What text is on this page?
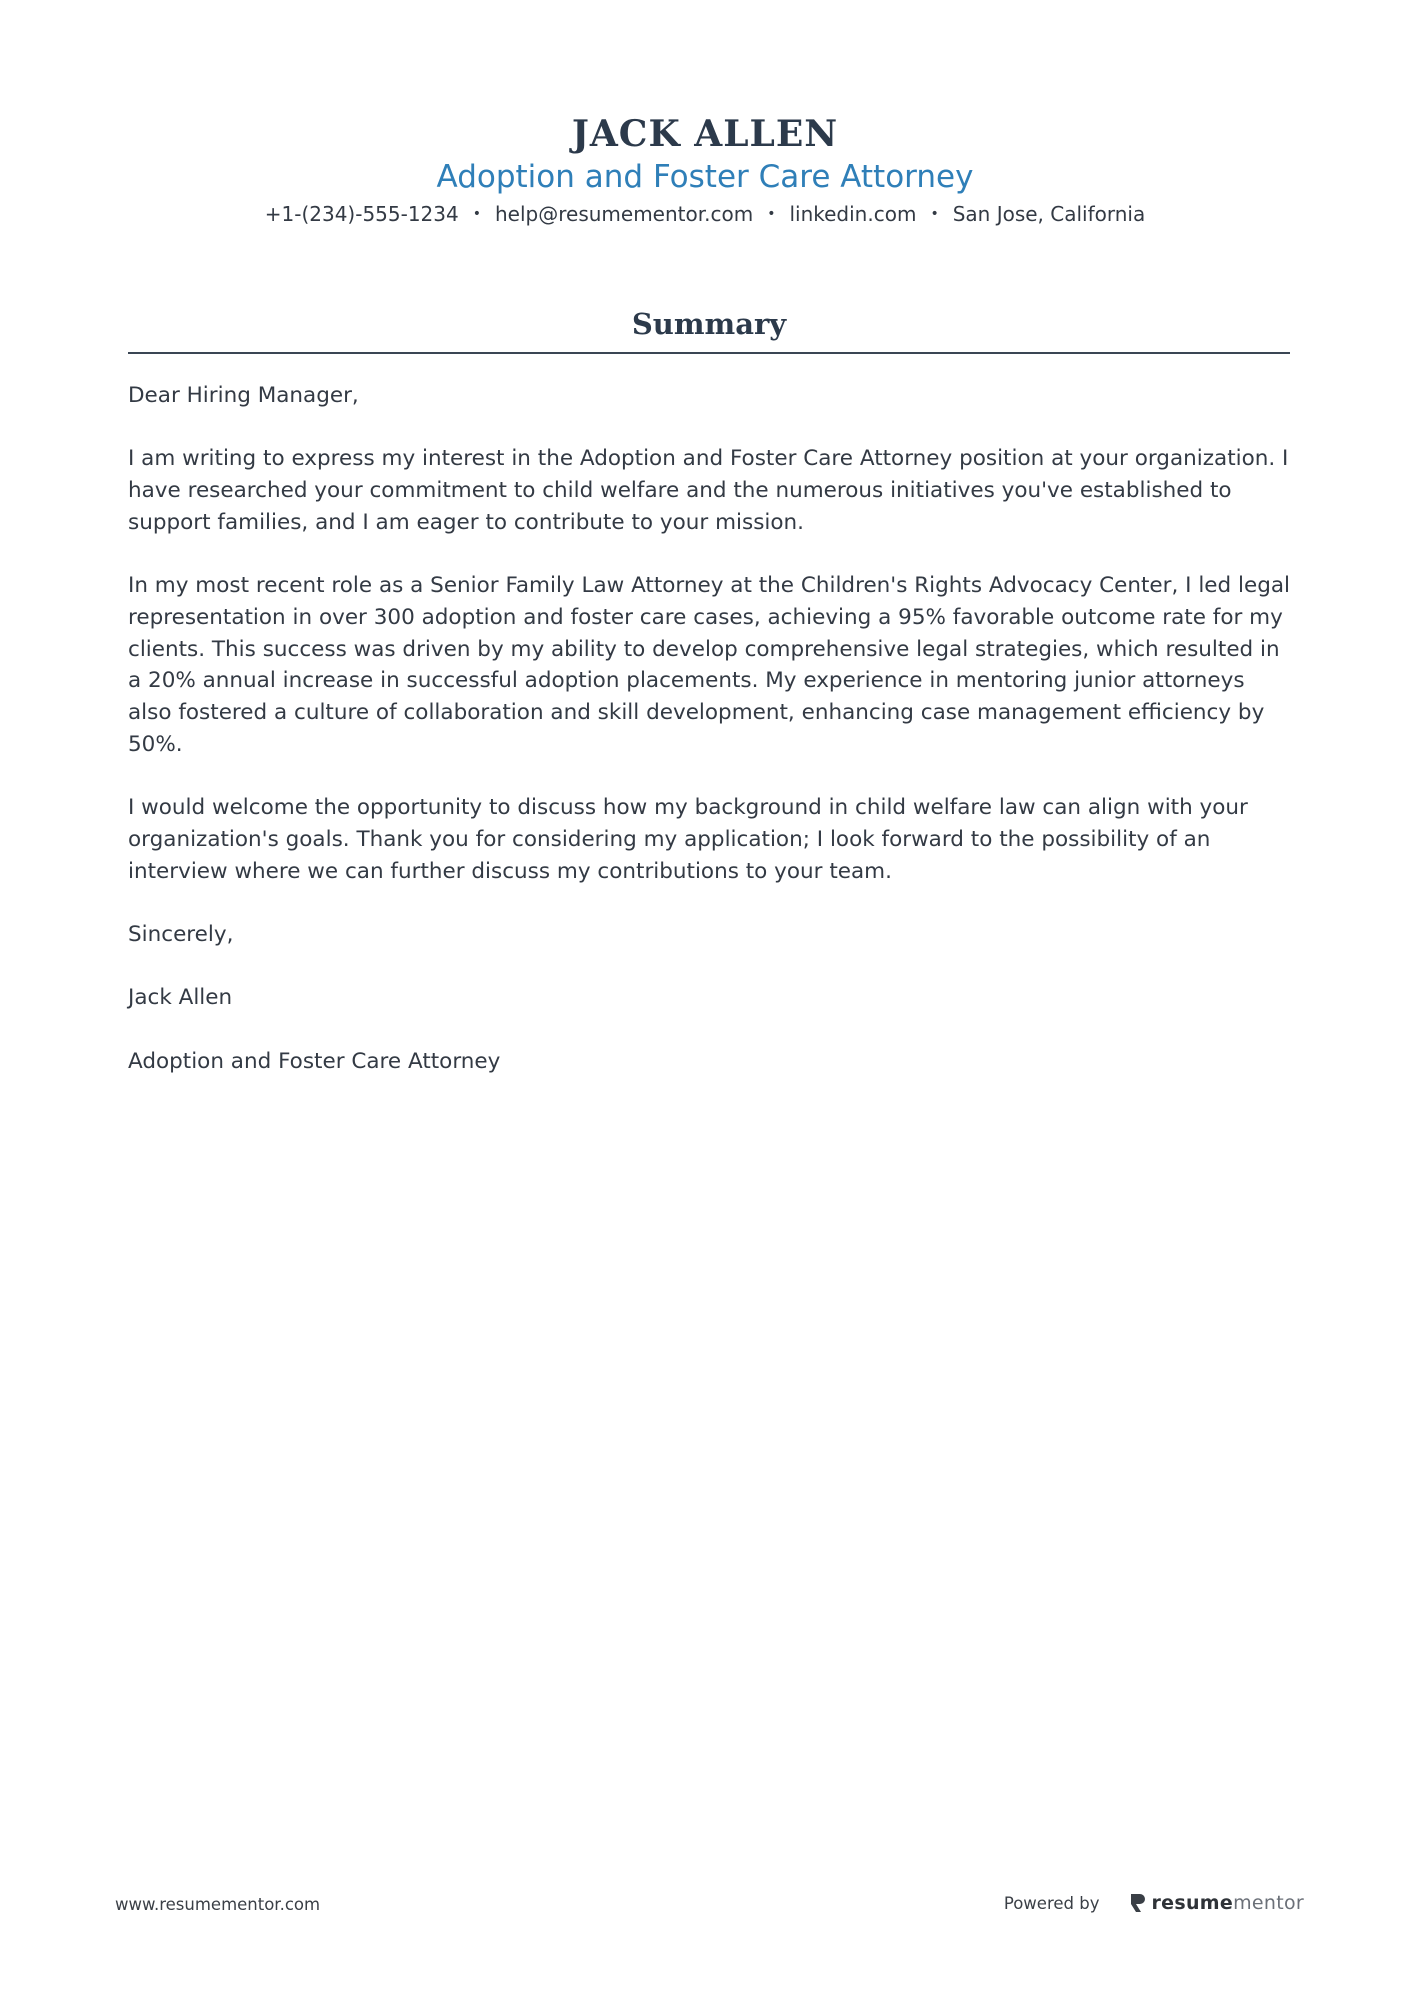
JACK ALLEN
Adoption and Foster Care Attorney
+1-(234)-555-1234 • help@resumementor.com • linkedin.com • San Jose, California
Summary

Dear Hiring Manager,

I am writing to express my interest in the Adoption and Foster Care Attorney position at your organization. I have researched your commitment to child welfare and the numerous initiatives you've established to support families, and I am eager to contribute to your mission.

In my most recent role as a Senior Family Law Attorney at the Children's Rights Advocacy Center, I led legal representation in over 300 adoption and foster care cases, achieving a 95% favorable outcome rate for my clients. This success was driven by my ability to develop comprehensive legal strategies, which resulted in a 20% annual increase in successful adoption placements. My experience in mentoring junior attorneys also fostered a culture of collaboration and skill development, enhancing case management efficiency by 50%.

I would welcome the opportunity to discuss how my background in child welfare law can align with your organization's goals. Thank you for considering my application; I look forward to the possibility of an interview where we can further discuss my contributions to your team.

Sincerely,

Jack Allen

Adoption and Foster Care Attorney

www.resumementor.com	Powered by	resumementor
